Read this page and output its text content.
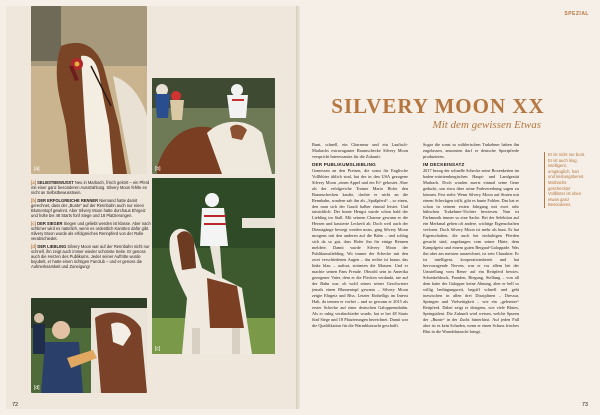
[a]	[b]
[c]
[d]

[a] SELBSTBEWUSST Neu in Marbach, frisch gekört – ein Pferd mit einer ganz besonderen Ausstrahlung. Silvery Moon fehlte es nicht an Selbstbewusstsein.

[b] DER ERFOLGREICHE RENNER Niemand hatte damit gerechnet, dass der „Bunte“ auf der Rennbahn auch nur einen Blumentopf gewinnt. Aber Silvery Moon hatte durchaus Ehrgeiz und holte bei 48 Starts fünf Siege und 18 Platzierungen.

[c] DER SIEGER Siegen und geliebt werden ist klasse. Aber nach schlimer wird es natürlich, wenn es ordentlich Karotten dafür gibt. Silvery Moon wurde als erfolgreiches Rennpferd von der Rolle verabschiedet.

[d] DER LIEBLING Silvery Moon war auf der Rennbahn nicht nur schnell, ihn zeigt auch immer wieder schönste Seite. Er genoss auch die Herzen des Publikums. Jeder seiner Auftritte wurde bejubelt, er hatte einen richtigen Fanclub – und er genoss die Aufmerksamkeit und Zuneigung!

72
SPEZIAL
SILVERY MOON XX
Mit dem gewissen Etwas

Bunt, schnell, ein Charmeur und ein Lauftsch-Marbachs extravaganter Braunschecke Silvery Moon verspricht Interessantes für die Zukunft.

DER PUBLIKUMSLIEBLING

Gemessen an den Preisen, die sonst für Englische Vollblüter üblich sind, hat der in den USA gezogene Silvery Moon „einen Appel und ein Ei“ gekostet. Aber als der erfolgreiche Trainer Mario Hofer den Braunschecken kaufte, dachte er nicht an die Rennbahn, sondern sah ihn als „Spaßpferd“ – so einen, den man sich der Gaudi halber einmal leistet. Und tatsächlich: Der bunte Hengst wurde schon bald der Liebling im Stall. Mit seinem Charme gewann er die Herzen und kassierte Leckerli ab. Doch weil auch der Dienstgänge bewegt werden muss, ging Silvery Moon morgens mit den anderen auf die Bahn – und schlug sich da so gut, dass Hofer ihn für einige Rennen meldete. Damit wurde Silvery Moon der Publikumsliebling. Wo immer der Schecke mit den zwei verschiedenen Augen – das rechte ist braun, das linke blau – auftrat, strömten die Massen. Und er machte seinen Fans Freude. Obwohl sein in Amerika gezogener Vater, dem er die Flecken verdankt, nie auf der Bahn war, ob wohl seines seiner Geschwister jemals einen Blumentopf gewann – Silvery Moon zeigte Ehrgeiz und Biss. Letzter Einhelligs im Interst Halt, da tennen er vorbei – und so gewann er 2015 als erster Schecke auf einer deutschen Galopprennbahn. Als er ruhig verabschiedet wurde, hat er bei 48 Starts fünf Siege und 18 Platzierungen bezeichnet. Damit war die Qualifikation für die Warmblutzucht geschafft.

Sogar die sonst so wählerischen Trakehner haben ihn zugelassen, ansonsten darf er deutsche Sportpferde produzieren.

IM DECKEINSATZ

2017 bezog der schnelle Schecke seine Boxenkeiten im baden-württembergischen Haupt- und Landgestüt Marbach. Doch wurden zuerst einmal seine Gene geduckt, um etwa über seine Farbvererbung sagen zu können. Fest steht: Wenn Silvery Moon auf Stuten mit einem Scheckgen trifft, gibt es bunte Fohlen. Das hat er schon in seinem ersten Jahrgang mit zwei sehr hübschen Trakehner-Töchter bewiesen. Nun ist Farbmusik immer so eine Sache. Bei der Selektion auf ein Merkmal gehen oft andere, wichtige Eigenschaften verloren. Doch Silvery Moon ist mehr als bunt. Er hat Eigenschaften, die auch bei einfarbigen Pferden gesucht sind, angefangen vom seiner Härte, dem Kampfgeist und einem guten Bergauf-Galoppade. Was ihn aber am meisten auszeichnet, ist sein Charakter. Er ist intelligent, kooperationsbereit und hat hervorragende Nerven, was er vor allem bei der Umstellung vom Renn- auf ein Reitpferd bewies. Schenkeldruck, Paraden, Biegung, Stellung – von all dem hatte der Galopper keine Ahnung, aber er hell so willig bedingungsreit, begriff schnell und geht inzwischen in allen drei Disziplinen – Dressur, Springen und Vielseitigkeit – wie ein „gelernter“ Reitpferd. Dabei zeigt er übrigens, wie viele Blutes, Springtalent. Die Zukunft wird weisen, welche Spuren der „Bunte“ in der Zucht hinterlässt. Auf jeden Fall aber ist es kein Schaden, wenn er einen Schuss frisches Blut in die Warmblutzucht bringt.

Er ist nicht nur bunt. Er ist auch klug, intelligent, umgänglich, hart und leistungsbereit. Marbachs gescheckter Vollblüter ist eben etwas ganz Besonderes.
73
